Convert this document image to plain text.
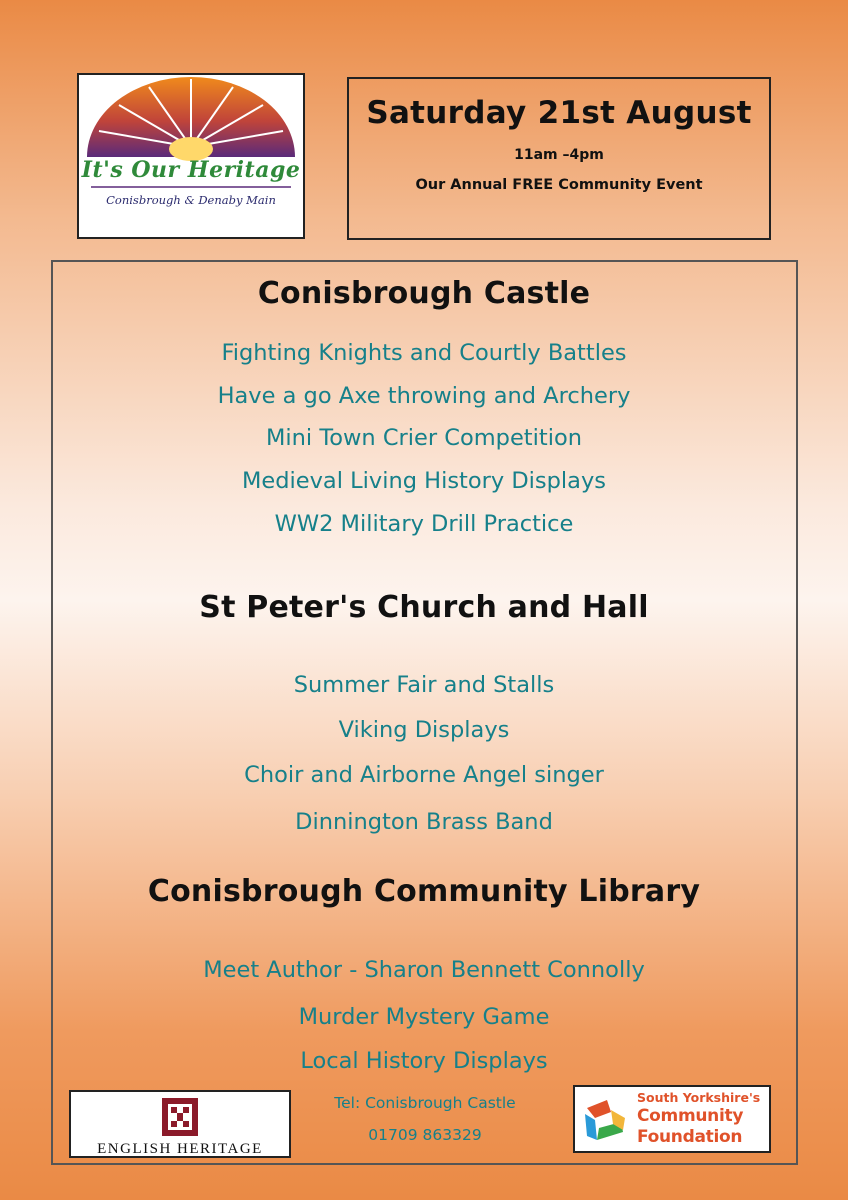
It's Our Heritage
Conisbrough & Denaby Main
Saturday 21st August
11am –4pm
Our Annual FREE Community Event
Conisbrough Castle
Fighting Knights and Courtly Battles
Have a go Axe throwing and Archery
Mini Town Crier Competition
Medieval Living History Displays
WW2 Military Drill Practice
St Peter's Church and Hall
Summer Fair and Stalls
Viking Displays
Choir and Airborne Angel singer
Dinnington Brass Band
Conisbrough Community Library
Meet Author - Sharon Bennett Connolly
Murder Mystery Game
Local History Displays
ENGLISH HERITAGE
Tel: Conisbrough Castle
01709 863329
South Yorkshire's
Community
Foundation
